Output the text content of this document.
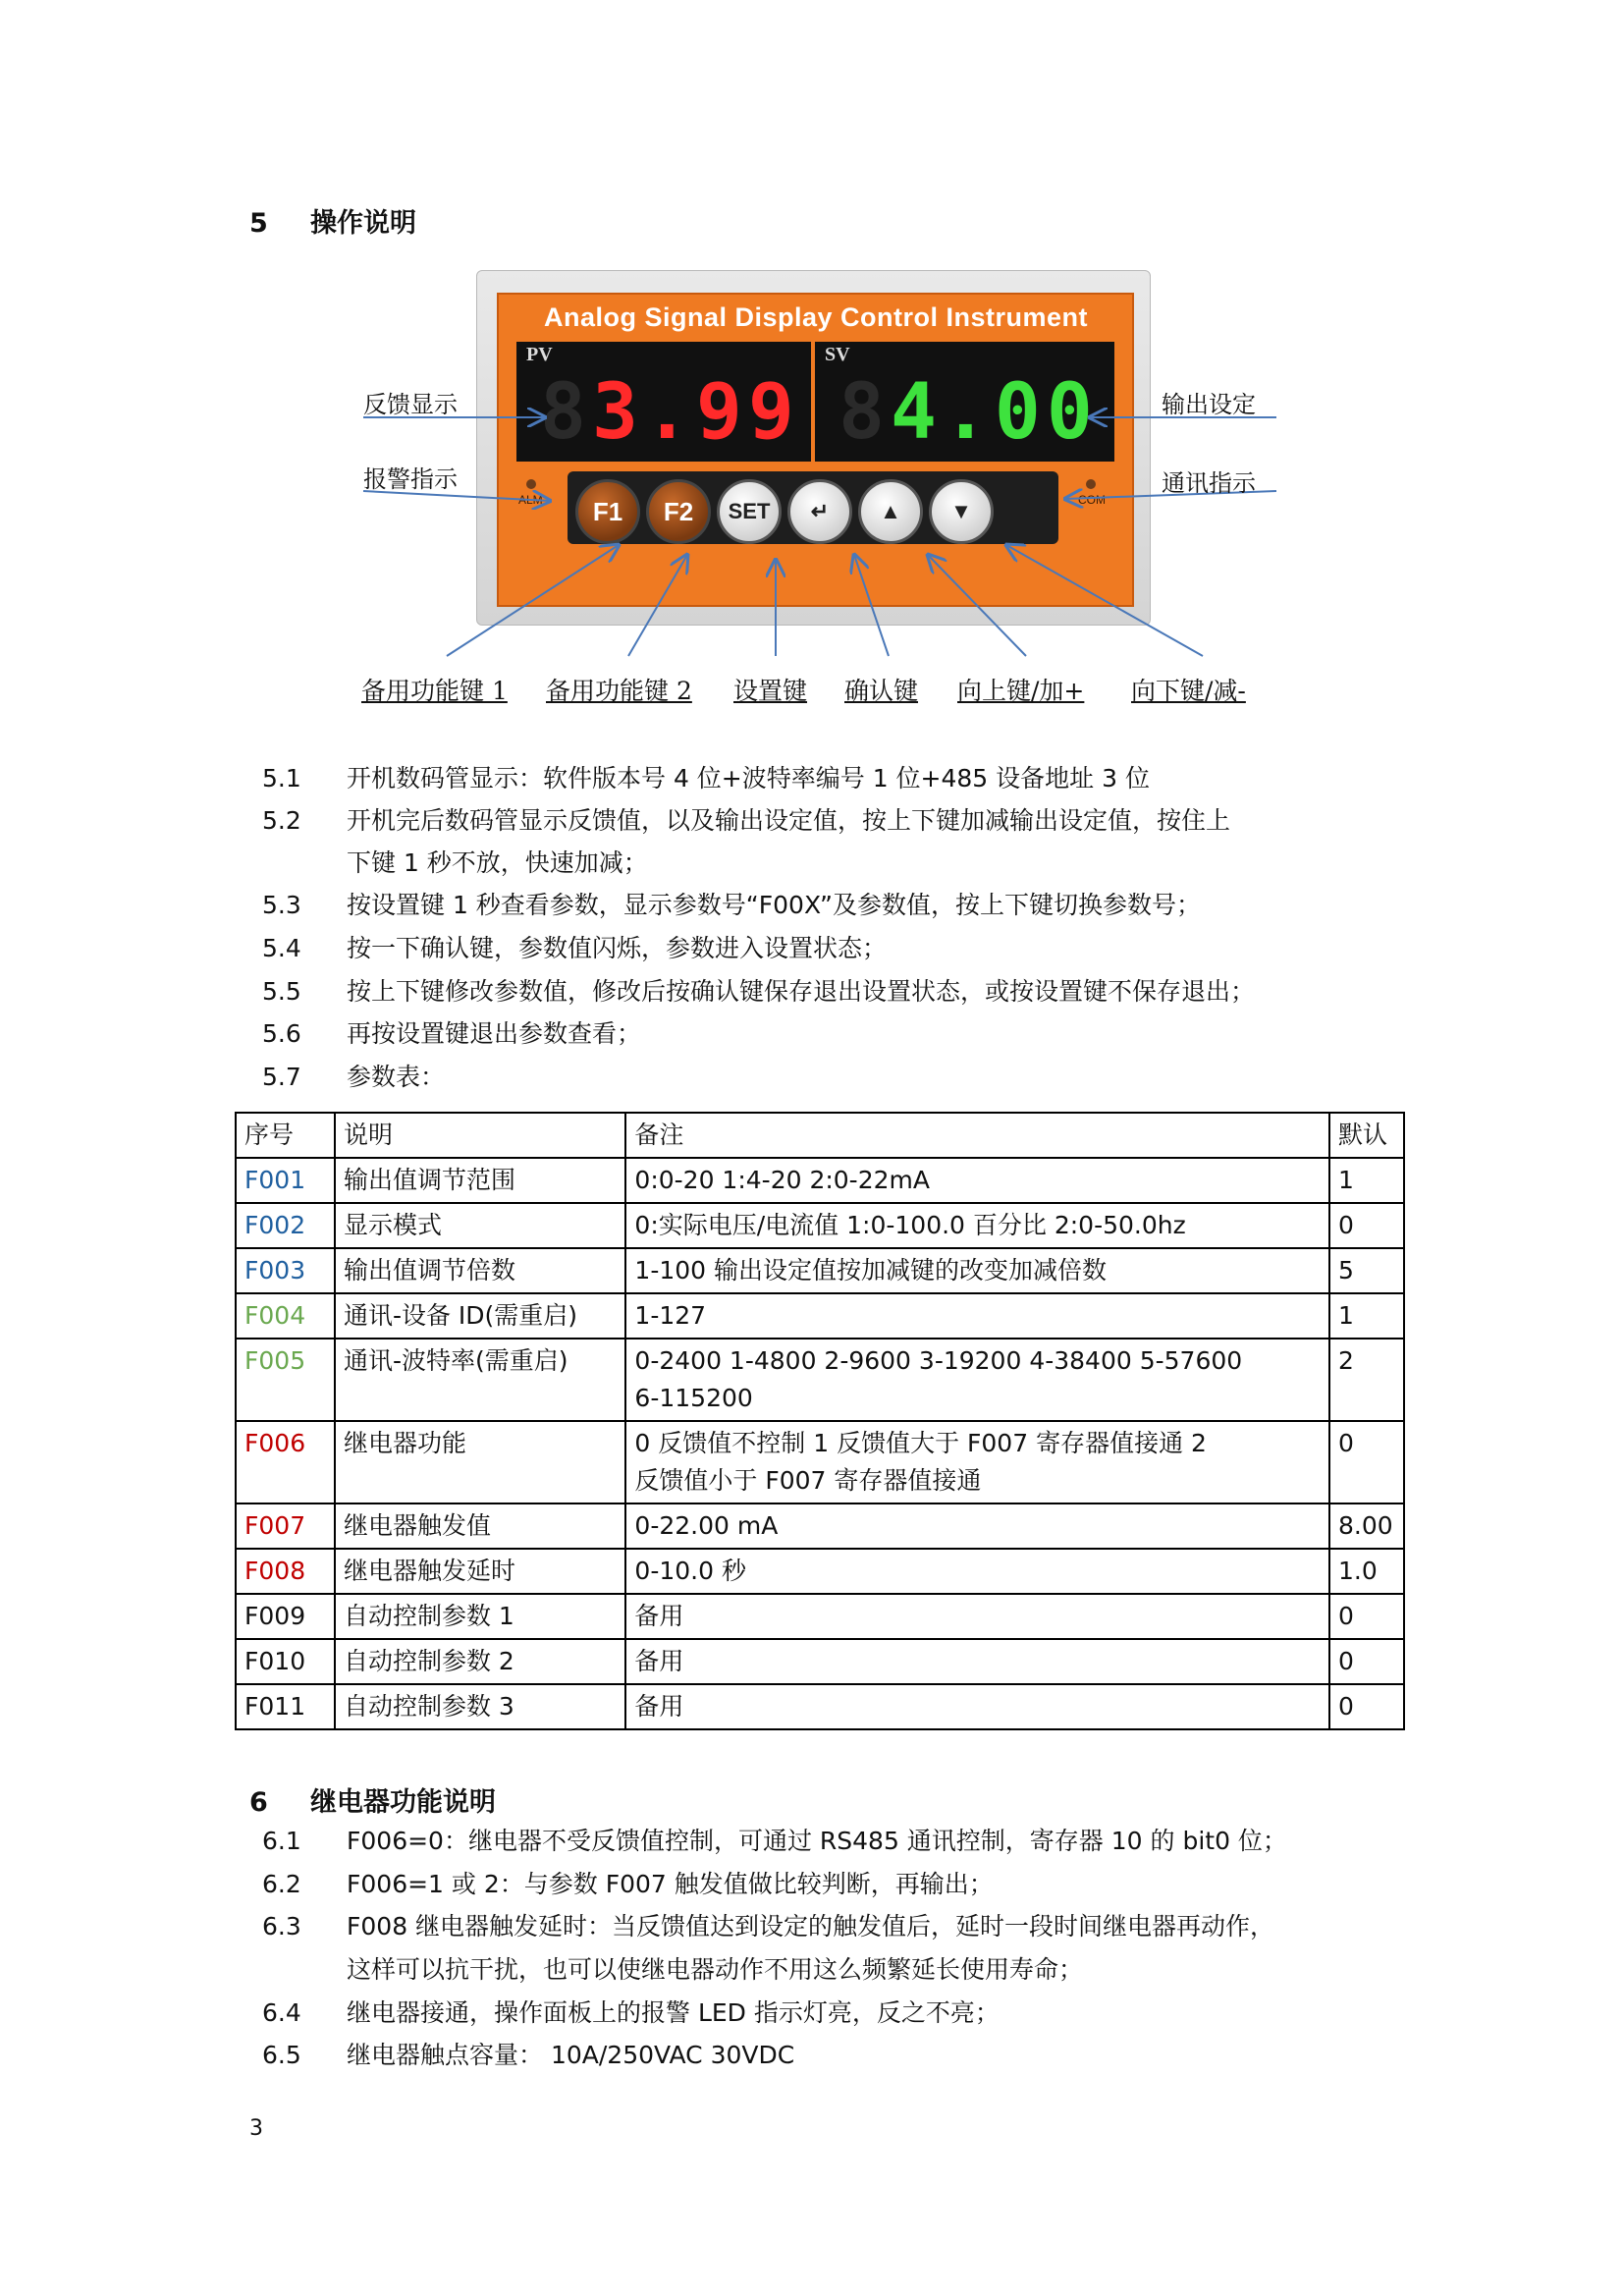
5 操作说明
Analog Signal Display Control Instrument
PV
83.99
SV
84.00
ALM	COM
F1	F2	SET	↵	▲	▼
反馈显示
报警指示
输出设定
通讯指示
备用功能键 1 备用功能键 2 设置键 确认键 向上键/加+ 向下键/减-
5.1	开机数码管显示：软件版本号 4 位+波特率编号 1 位+485 设备地址 3 位
5.2	开机完后数码管显示反馈值，以及输出设定值，按上下键加减输出设定值，按住上
下键 1 秒不放，快速加减；
5.3	按设置键 1 秒查看参数，显示参数号“F00X”及参数值，按上下键切换参数号；
5.4	按一下确认键，参数值闪烁，参数进入设置状态；
5.5	按上下键修改参数值，修改后按确认键保存退出设置状态，或按设置键不保存退出；
5.6	再按设置键退出参数查看；
5.7	参数表：
序号	说明	备注	默认
F001	输出值调节范围	0:0-20 1:4-20 2:0-22mA	1
F002	显示模式	0:实际电压/电流值 1:0-100.0 百分比 2:0-50.0hz	0
F003	输出值调节倍数	1-100 输出设定值按加减键的改变加减倍数	5
F004	通讯-设备 ID(需重启)	1-127	1
F005	通讯-波特率(需重启)	0-2400 1-4800 2-9600 3-19200 4-38400 5-57600
6-115200	2
F006	继电器功能	0 反馈值不控制 1 反馈值大于 F007 寄存器值接通 2
反馈值小于 F007 寄存器值接通	0
F007	继电器触发值	0-22.00 mA	8.00
F008	继电器触发延时	0-10.0 秒	1.0
F009	自动控制参数 1	备用	0
F010	自动控制参数 2	备用	0
F011	自动控制参数 3	备用	0
6 继电器功能说明
6.1	F006=0：继电器不受反馈值控制，可通过 RS485 通讯控制，寄存器 10 的 bit0 位；
6.2	F006=1 或 2：与参数 F007 触发值做比较判断，再输出；
6.3	F008 继电器触发延时：当反馈值达到设定的触发值后，延时一段时间继电器再动作，
这样可以抗干扰，也可以使继电器动作不用这么频繁延长使用寿命；
6.4	继电器接通，操作面板上的报警 LED 指示灯亮，反之不亮；
6.5	继电器触点容量： 10A/250VAC 30VDC
3
